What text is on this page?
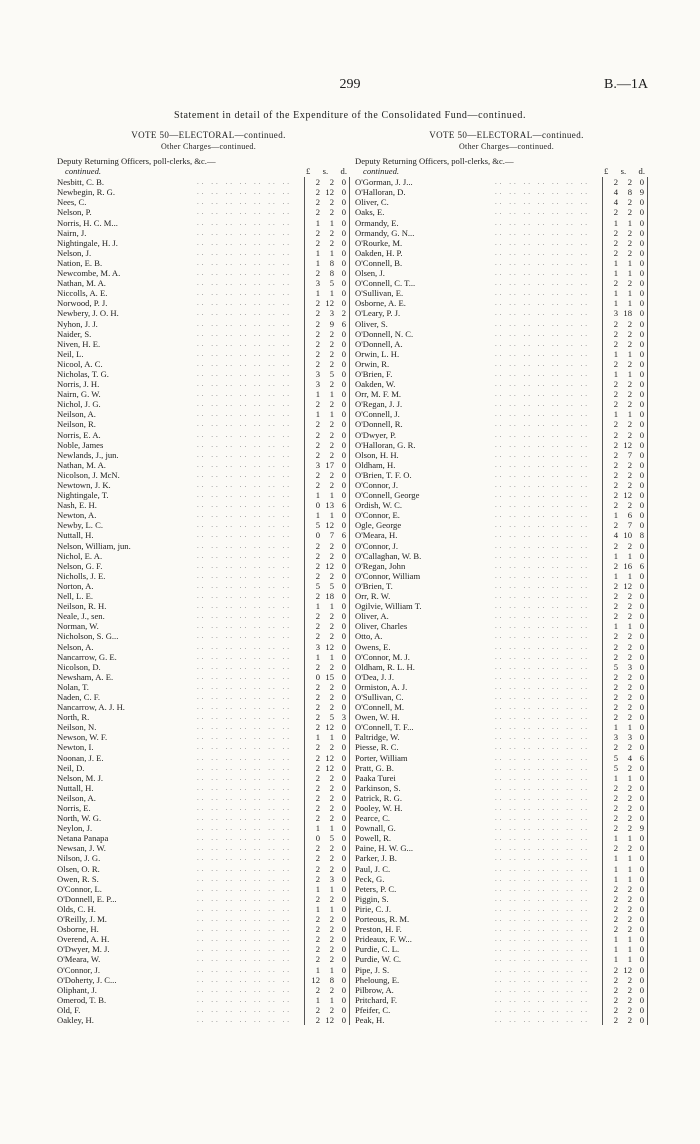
299	B.—1A
Statement in detail of the Expenditure of the Consolidated Fund—continued.
VOTE 50—ELECTORAL—continued.
Other Charges—continued.
Deputy Returning Officers, poll-clerks, &c.—
continued.	£ s. d.
Nesbitt, C. B.	.. .. .. .. .. .. ..	2	2 0
Newbegin, R. G.	.. .. .. .. .. .. ..	2 12 0
Nees, C.	.. .. .. .. .. .. ..	2	2 0
Nelson, P.	.. .. .. .. .. .. ..	2	2 0
Norris, H. C. M...	.. .. .. .. .. .. ..	1	1 0
Nairn, J.	.. .. .. .. .. .. ..	2	2 0
Nightingale, H. J.	.. .. .. .. .. .. ..	2	2 0
Nelson, J.	.. .. .. .. .. .. ..	1	1 0
Nation, E. B.	.. .. .. .. .. .. ..	1	8 0
Newcombe, M. A.	.. .. .. .. .. .. ..	2	8 0
Nathan, M. A.	.. .. .. .. .. .. ..	3	5 0
Niccolls, A. E.	.. .. .. .. .. .. ..	1	1 0
Norwood, P. J.	.. .. .. .. .. .. ..	2 12 0
Newbery, J. O. H.	.. .. .. .. .. .. ..	2	3 2
Nyhon, J. J.	.. .. .. .. .. .. ..	2	9 6
Naider, S.	.. .. .. .. .. .. ..	2	2 0
Niven, H. E.	.. .. .. .. .. .. ..	2	2 0
Neil, L.	.. .. .. .. .. .. ..	2	2 0
Nicool, A. C.	.. .. .. .. .. .. ..	2	2 0
Nicholas, T. G.	.. .. .. .. .. .. ..	3	5 0
Norris, J. H.	.. .. .. .. .. .. ..	3	2 0
Nairn, G. W.	.. .. .. .. .. .. ..	1	1 0
Nichol, J. G.	.. .. .. .. .. .. ..	2	2 0
Neilson, A.	.. .. .. .. .. .. ..	1	1 0
Neilson, R.	.. .. .. .. .. .. ..	2	2 0
Norris, E. A.	.. .. .. .. .. .. ..	2	2 0
Noble, James	.. .. .. .. .. .. ..	2	2 0
Newlands, J., jun.	.. .. .. .. .. .. ..	2	2 0
Nathan, M. A.	.. .. .. .. .. .. ..	3 17 0
Nicolson, J. McN.	.. .. .. .. .. .. ..	2	2 0
Newtown, J. K.	.. .. .. .. .. .. ..	2	2 0
Nightingale, T.	.. .. .. .. .. .. ..	1	1 0
Nash, E. H.	.. .. .. .. .. .. ..	0 13 6
Newton, A.	.. .. .. .. .. .. ..	1	1 0
Newby, L. C.	.. .. .. .. .. .. ..	5 12 0
Nuttall, H.	.. .. .. .. .. .. ..	0	7 6
Nelson, William, jun.	.. .. .. .. .. .. ..	2	2 0
Nichol, E. A.	.. .. .. .. .. .. ..	2	2 0
Nelson, G. F.	.. .. .. .. .. .. ..	2 12 0
Nicholls, J. E.	.. .. .. .. .. .. ..	2	2 0
Norton, A.	.. .. .. .. .. .. ..	5	5 0
Nell, L. E.	.. .. .. .. .. .. ..	2 18 0
Neilson, R. H.	.. .. .. .. .. .. ..	1	1 0
Neale, J., sen.	.. .. .. .. .. .. ..	2	2 0
Norman, W.	.. .. .. .. .. .. ..	2	2 0
Nicholson, S. G...	.. .. .. .. .. .. ..	2	2 0
Nelson, A.	.. .. .. .. .. .. ..	3 12 0
Nancarrow, G. E.	.. .. .. .. .. .. ..	1	1 0
Nicolson, D.	.. .. .. .. .. .. ..	2	2 0
Newsham, A. E.	.. .. .. .. .. .. ..	0 15 0
Nolan, T.	.. .. .. .. .. .. ..	2	2 0
Naden, C. F.	.. .. .. .. .. .. ..	2	2 0
Nancarrow, A. J. H.	.. .. .. .. .. .. ..	2	2 0
North, R.	.. .. .. .. .. .. ..	2	5 3
Neilson, N.	.. .. .. .. .. .. ..	2 12 0
Newson, W. F.	.. .. .. .. .. .. ..	1	1 0
Newton, I.	.. .. .. .. .. .. ..	2	2 0
Noonan, J. E.	.. .. .. .. .. .. ..	2 12 0
Neil, D.	.. .. .. .. .. .. ..	2 12 0
Nelson, M. J.	.. .. .. .. .. .. ..	2	2 0
Nuttall, H.	.. .. .. .. .. .. ..	2	2 0
Neilson, A.	.. .. .. .. .. .. ..	2	2 0
Norris, E.	.. .. .. .. .. .. ..	2	2 0
North, W. G.	.. .. .. .. .. .. ..	2	2 0
Neylon, J.	.. .. .. .. .. .. ..	1	1 0
Netana Panapa	.. .. .. .. .. .. ..	0	5 0
Newsan, J. W.	.. .. .. .. .. .. ..	2	2 0
Nilson, J. G.	.. .. .. .. .. .. ..	2	2 0
Olsen, O. R.	.. .. .. .. .. .. ..	2	2 0
Owen, R. S.	.. .. .. .. .. .. ..	2	3 0
O'Connor, L.	.. .. .. .. .. .. ..	1	1 0
O'Donnell, E. P...	.. .. .. .. .. .. ..	2	2 0
Olds, C. H.	.. .. .. .. .. .. ..	1	1 0
O'Reilly, J. M.	.. .. .. .. .. .. ..	2	2 0
Osborne, H.	.. .. .. .. .. .. ..	2	2 0
Overend, A. H.	.. .. .. .. .. .. ..	2	2 0
O'Dwyer, M. J.	.. .. .. .. .. .. ..	2	2 0
O'Meara, W.	.. .. .. .. .. .. ..	2	2 0
O'Connor, J.	.. .. .. .. .. .. ..	1	1 0
O'Doherty, J. C...	.. .. .. .. .. .. ..	12	8 0
Oliphant, J.	.. .. .. .. .. .. ..	2	2 0
Omerod, T. B.	.. .. .. .. .. .. ..	1	1 0
Old, F.	.. .. .. .. .. .. ..	2	2 0
Oakley, H.	.. .. .. .. .. .. ..	2 12 0
VOTE 50—ELECTORAL—continued.
Other Charges—continued.
Deputy Returning Officers, poll-clerks, &c.—
continued.	£ s. d.
O'Gorman, J. J...	.. .. .. .. .. .. ..	2	2 0
O'Halloran, D.	.. .. .. .. .. .. ..	4	8 9
Oliver, C.	.. .. .. .. .. .. ..	4	2 0
Oaks, E.	.. .. .. .. .. .. ..	2	2 0
Ormandy, E.	.. .. .. .. .. .. ..	1	1 0
Ormandy, G. N...	.. .. .. .. .. .. ..	2	2 0
O'Rourke, M.	.. .. .. .. .. .. ..	2	2 0
Oakden, H. P.	.. .. .. .. .. .. ..	2	2 0
O'Connell, B.	.. .. .. .. .. .. ..	1	1 0
Olsen, J.	.. .. .. .. .. .. ..	1	1 0
O'Connell, C. T...	.. .. .. .. .. .. ..	2	2 0
O'Sullivan, E.	.. .. .. .. .. .. ..	1	1 0
Osborne, A. E.	.. .. .. .. .. .. ..	1	1 0
O'Leary, P. J.	.. .. .. .. .. .. ..	3 18 0
Oliver, S.	.. .. .. .. .. .. ..	2	2 0
O'Donnell, N. C.	.. .. .. .. .. .. ..	2	2 0
O'Donnell, A.	.. .. .. .. .. .. ..	2	2 0
Orwin, L. H.	.. .. .. .. .. .. ..	1	1 0
Orwin, R.	.. .. .. .. .. .. ..	2	2 0
O'Brien, F.	.. .. .. .. .. .. ..	1	1 0
Oakden, W.	.. .. .. .. .. .. ..	2	2 0
Orr, M. F. M.	.. .. .. .. .. .. ..	2	2 0
O'Regan, J. J.	.. .. .. .. .. .. ..	2	2 0
O'Connell, J.	.. .. .. .. .. .. ..	1	1 0
O'Donnell, R.	.. .. .. .. .. .. ..	2	2 0
O'Dwyer, P.	.. .. .. .. .. .. ..	2	2 0
O'Halloran, G. R.	.. .. .. .. .. .. ..	2 12 0
Olson, H. H.	.. .. .. .. .. .. ..	2	7 0
Oldham, H.	.. .. .. .. .. .. ..	2	2 0
O'Brien, T. F. O.	.. .. .. .. .. .. ..	2	2 0
O'Connor, J.	.. .. .. .. .. .. ..	2	2 0
O'Connell, George	.. .. .. .. .. .. ..	2 12 0
Ordish, W. C.	.. .. .. .. .. .. ..	2	2 0
O'Connor, E.	.. .. .. .. .. .. ..	1	6 0
Ogle, George	.. .. .. .. .. .. ..	2	7 0
O'Meara, H.	.. .. .. .. .. .. ..	4 10 8
O'Connor, J.	.. .. .. .. .. .. ..	2	2 0
O'Callaghan, W. B.	.. .. .. .. .. .. ..	1	1 0
O'Regan, John	.. .. .. .. .. .. ..	2 16 6
O'Connor, William	.. .. .. .. .. .. ..	1	1 0
O'Brien, T.	.. .. .. .. .. .. ..	2 12 0
Orr, R. W.	.. .. .. .. .. .. ..	2	2 0
Ogilvie, William T.	.. .. .. .. .. .. ..	2	2 0
Oliver, A.	.. .. .. .. .. .. ..	2	2 0
Oliver, Charles	.. .. .. .. .. .. ..	1	1 0
Otto, A.	.. .. .. .. .. .. ..	2	2 0
Owens, E.	.. .. .. .. .. .. ..	2	2 0
O'Connor, M. J.	.. .. .. .. .. .. ..	2	2 0
Oldham, R. L. H.	.. .. .. .. .. .. ..	5	3 0
O'Dea, J. J.	.. .. .. .. .. .. ..	2	2 0
Ormiston, A. J.	.. .. .. .. .. .. ..	2	2 0
O'Sullivan, C.	.. .. .. .. .. .. ..	2	2 0
O'Connell, M.	.. .. .. .. .. .. ..	2	2 0
Owen, W. H.	.. .. .. .. .. .. ..	2	2 0
O'Connell, T. F...	.. .. .. .. .. .. ..	1	1 0
Paltridge, W.	.. .. .. .. .. .. ..	3	3 0
Piesse, R. C.	.. .. .. .. .. .. ..	2	2 0
Porter, William	.. .. .. .. .. .. ..	5	4 6
Pratt, G. B.	.. .. .. .. .. .. ..	5	2 0
Paaka Turei	.. .. .. .. .. .. ..	1	1 0
Parkinson, S.	.. .. .. .. .. .. ..	2	2 0
Patrick, R. G.	.. .. .. .. .. .. ..	2	2 0
Pooley, W. H.	.. .. .. .. .. .. ..	2	2 0
Pearce, C.	.. .. .. .. .. .. ..	2	2 0
Pownall, G.	.. .. .. .. .. .. ..	2	2 9
Powell, R.	.. .. .. .. .. .. ..	1	1 0
Paine, H. W. G...	.. .. .. .. .. .. ..	2	2 0
Parker, J. B.	.. .. .. .. .. .. ..	1	1 0
Paul, J. C.	.. .. .. .. .. .. ..	1	1 0
Peck, G.	.. .. .. .. .. .. ..	1	1 0
Peters, P. C.	.. .. .. .. .. .. ..	2	2 0
Piggin, S.	.. .. .. .. .. .. ..	2	2 0
Pirie, C. J.	.. .. .. .. .. .. ..	2	2 0
Porteous, R. M.	.. .. .. .. .. .. ..	2	2 0
Preston, H. F.	.. .. .. .. .. .. ..	2	2 0
Prideaux, F. W...	.. .. .. .. .. .. ..	1	1 0
Purdie, C. L.	.. .. .. .. .. .. ..	1	1 0
Purdie, W. C.	.. .. .. .. .. .. ..	1	1 0
Pipe, J. S.	.. .. .. .. .. .. ..	2 12 0
Pheloung, E.	.. .. .. .. .. .. ..	2	2 0
Pilbrow, A.	.. .. .. .. .. .. ..	2	2 0
Pritchard, F.	.. .. .. .. .. .. ..	2	2 0
Pfeifer, C.	.. .. .. .. .. .. ..	2	2 0
Peak, H.	.. .. .. .. .. .. ..	2	2 0
